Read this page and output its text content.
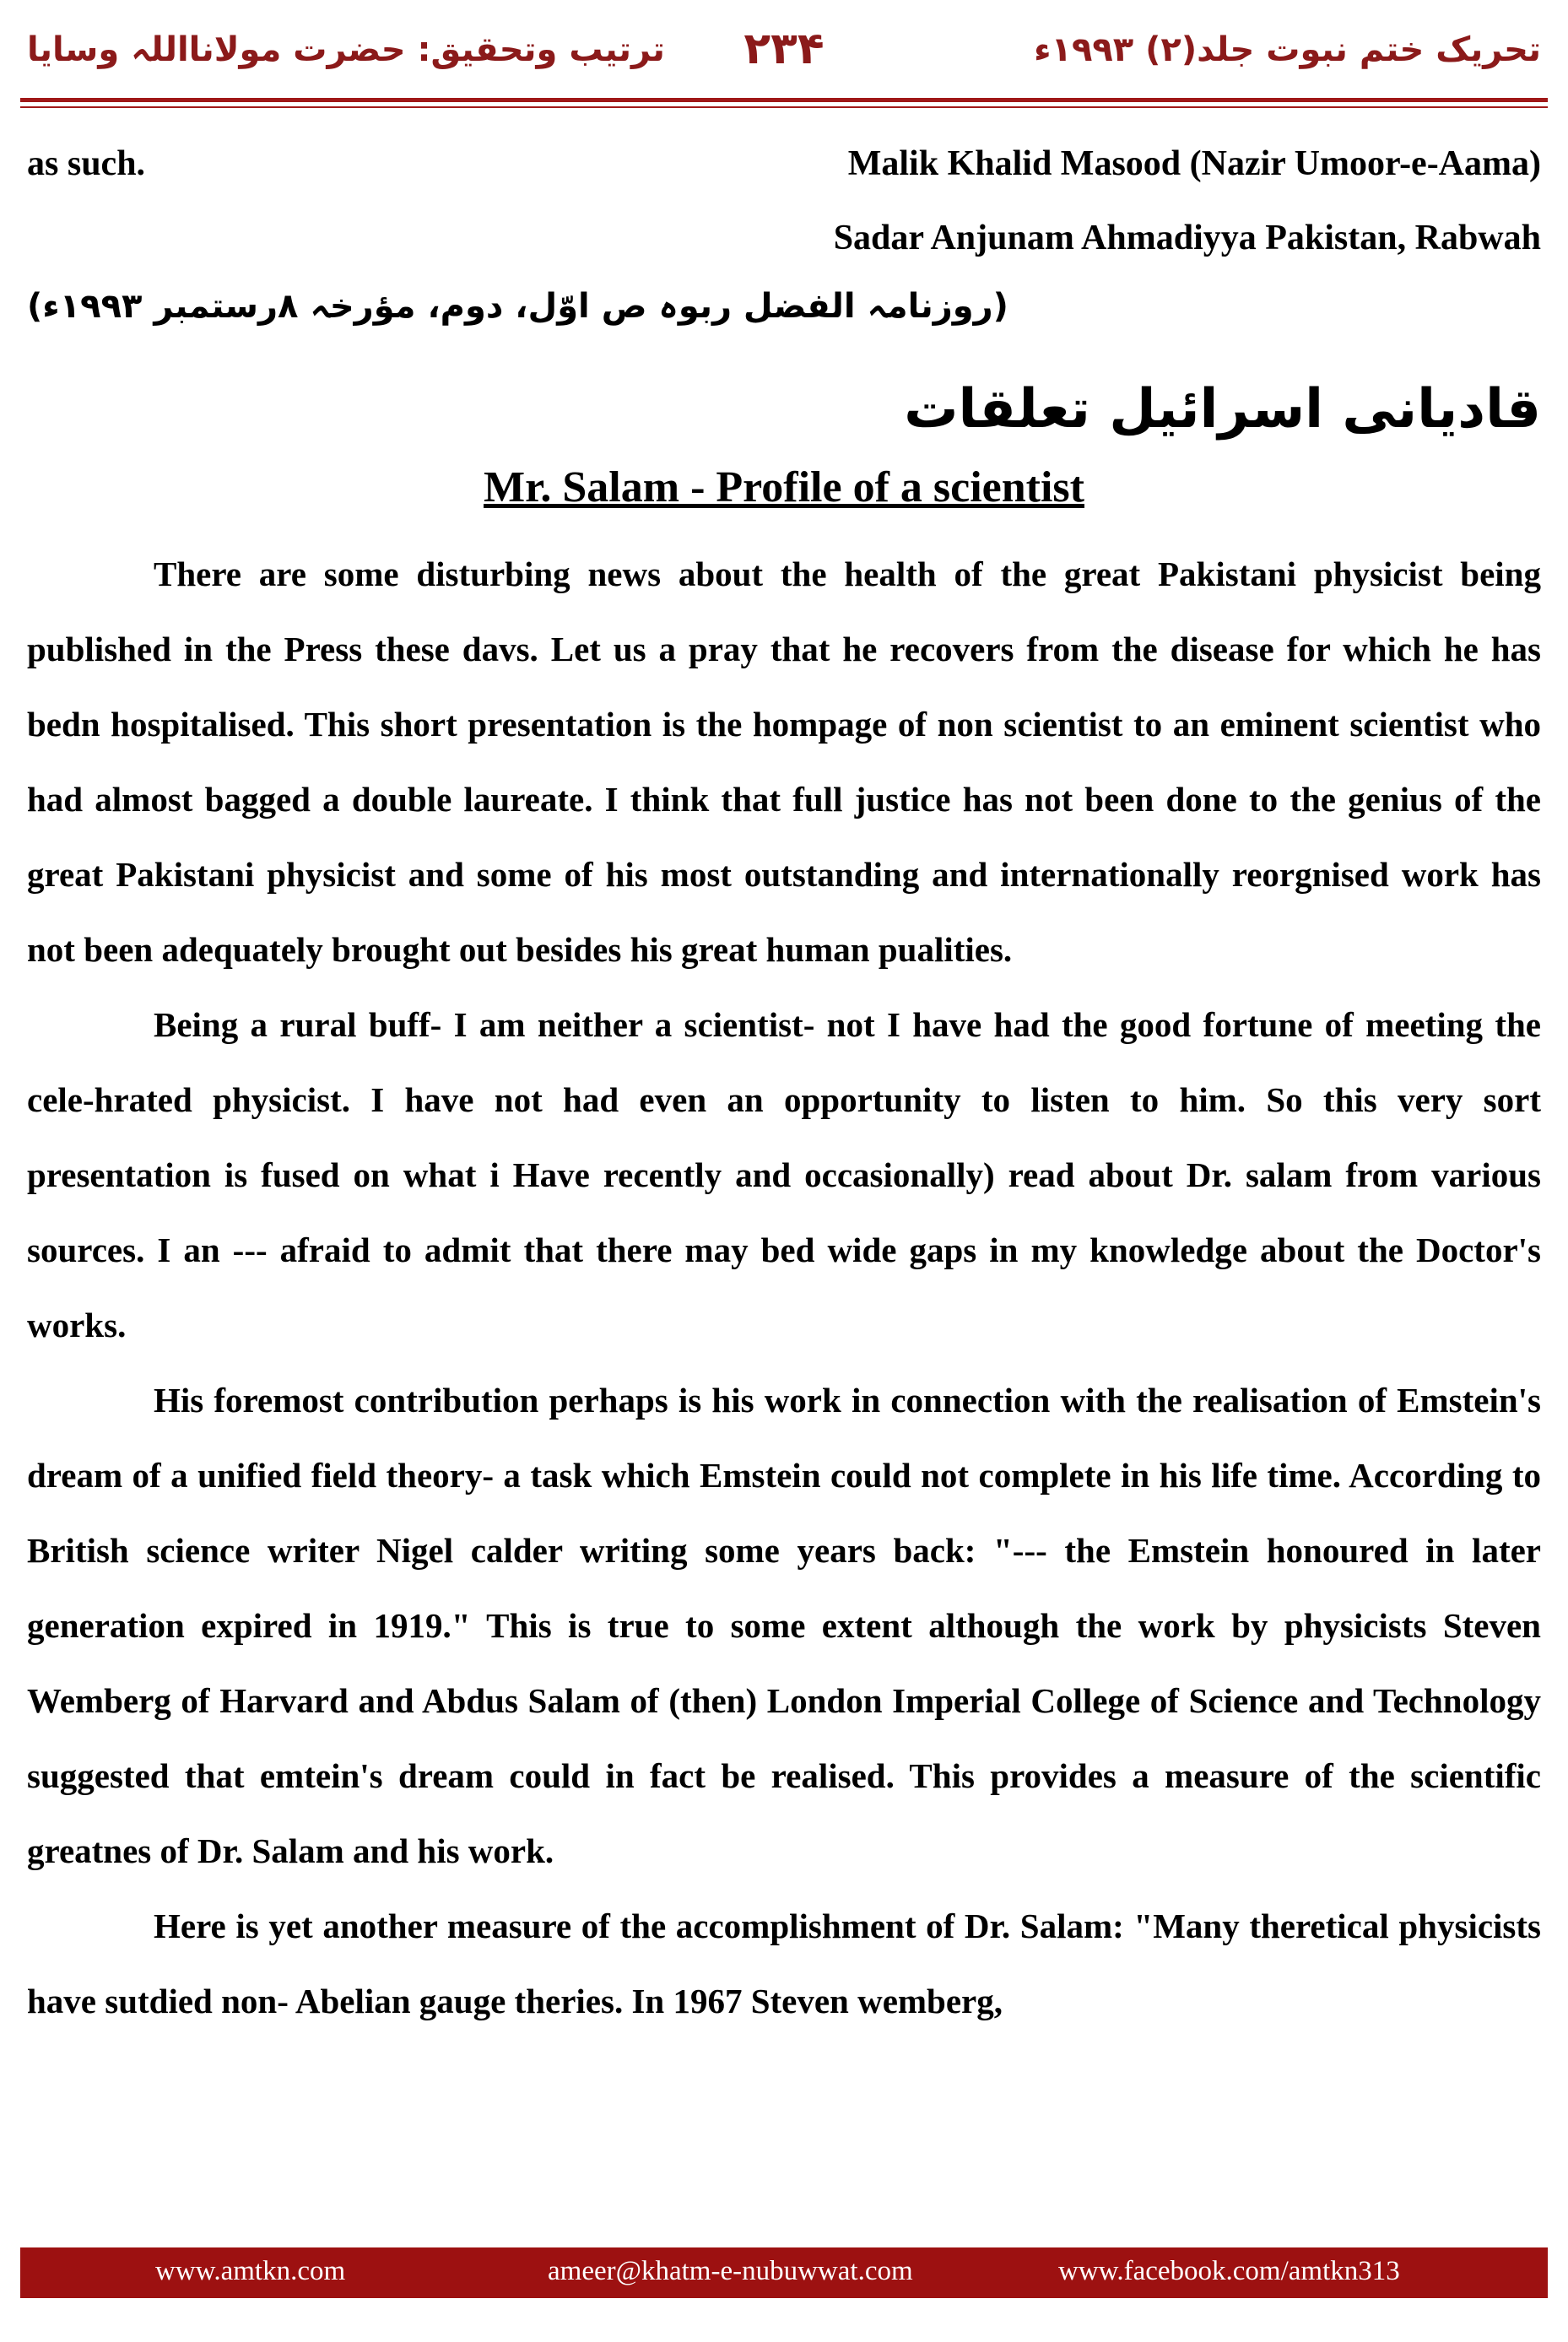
تحریک ختم نبوت جلد(۲) ۱۹۹۳ء
۲۳۴
ترتیب وتحقیق: حضرت مولانااللہ وسایا
as such.	Malik Khalid Masood (Nazir Umoor-e-Aama)
Sadar Anjunam Ahmadiyya Pakistan, Rabwah
(روزنامہ الفضل ربوہ ص اوّل، دوم، مؤرخہ ۸رستمبر ۱۹۹۳ء)
قادیانی اسرائیل تعلقات
Mr. Salam - Profile of a scientist

There are some disturbing news about the health of the great Pakistani physicist being published in the Press these davs. Let us a pray that he recovers from the disease for which he has bedn hospitalised. This short presentation is the hompage of non scientist to an eminent scientist who had almost bagged a double laureate. I think that full justice has not been done to the genius of the great Pakistani physicist and some of his most outstanding and internationally reorgnised work has not been adequately brought out besides his great human pualities.

Being a rural buff- I am neither a scientist- not I have had the good fortune of meeting the cele-hrated physicist. I have not had even an opportunity to listen to him. So this very sort presentation is fused on what i Have recently and occasionally) read about Dr. salam from various sources. I an --- afraid to admit that there may bed wide gaps in my knowledge about the Doctor's works.

His foremost contribution perhaps is his work in connection with the realisation of Emstein's dream of a unified field theory- a task which Emstein could not complete in his life time. According to British science writer Nigel calder writing some years back: "--- the Emstein honoured in later generation expired in 1919." This is true to some extent although the work by physicists Steven Wemberg of Harvard and Abdus Salam of (then) London Imperial College of Science and Technology suggested that emtein's dream could in fact be realised. This provides a measure of the scientific greatnes of Dr. Salam and his work.

Here is yet another measure of the accomplishment of Dr. Salam: "Many theretical physicists have sutdied non- Abelian gauge theries. In 1967 Steven wemberg,

www.amtkn.com	ameer@khatm-e-nubuwwat.com	www.facebook.com/amtkn313
